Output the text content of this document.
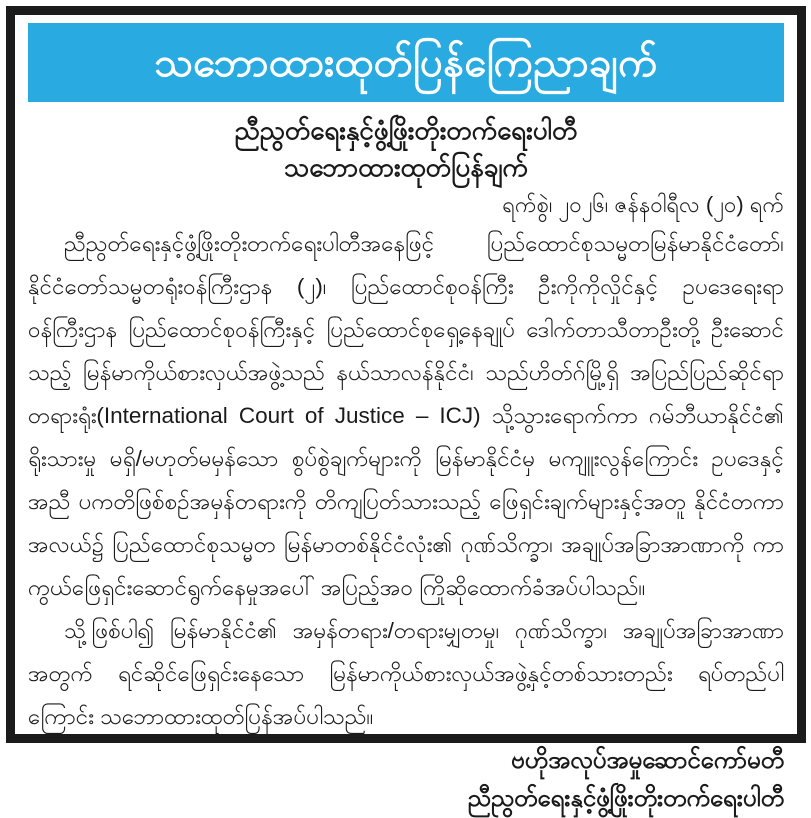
သဘောထားထုတ်ပြန်ကြေညာချက်
ညီညွတ်ရေးနှင့်ဖွံ့ဖြိုးတိုးတက်ရေးပါတီ
သဘောထားထုတ်ပြန်ချက်
ရက်စွဲ၊ ၂၀၂၆၊ ဇန်နဝါရီလ (၂၀) ရက်

ညီညွတ်ရေးနှင့်ဖွံ့ဖြိုးတိုးတက်ရေးပါတီအနေဖြင့် ပြည်ထောင်စုသမ္မတမြန်မာနိုင်ငံတော်၊ နိုင်ငံတော်သမ္မတရုံးဝန်ကြီးဌာန (၂)၊ ပြည်ထောင်စုဝန်ကြီး ဦးကိုကိုလှိုင်နှင့် ဥပဒေရေးရာဝန်ကြီးဌာန ပြည်ထောင်စုဝန်ကြီးနှင့် ပြည်ထောင်စုရှေ့နေချုပ် ဒေါက်တာသီတာဦးတို့ ဦးဆောင်သည့် မြန်မာကိုယ်စားလှယ်အဖွဲ့သည် နယ်သာလန်နိုင်ငံ၊ သည်ဟိတ်ဂ်မြို့ရှိ အပြည်ပြည်ဆိုင်ရာတရားရုံး(International Court of Justice – ICJ) သို့သွားရောက်ကာ ဂမ်ဘီယာနိုင်ငံ၏ ရိုးသားမှု မရှိ/မဟုတ်မမှန်သော စွပ်စွဲချက်များကို မြန်မာနိုင်ငံမှ မကျူးလွန်ကြောင်း ဥပဒေနှင့်အညီ ပကတိဖြစ်စဉ်အမှန်တရားကို တိကျပြတ်သားသည့် ဖြေရှင်းချက်များနှင့်အတူ နိုင်ငံတကာအလယ်၌ ပြည်ထောင်စုသမ္မတ မြန်မာတစ်နိုင်ငံလုံး၏ ဂုဏ်သိက္ခာ၊ အချုပ်အခြာအာဏာကို ကာကွယ်ဖြေရှင်းဆောင်ရွက်နေမှုအပေါ် အပြည့်အဝ ကြိုဆိုထောက်ခံအပ်ပါသည်။

သို့ဖြစ်ပါ၍ မြန်မာနိုင်ငံ၏ အမှန်တရား/တရားမျှတမှု၊ ဂုဏ်သိက္ခာ၊ အချုပ်အခြာအာဏာအတွက် ရင်ဆိုင်ဖြေရှင်းနေသော မြန်မာကိုယ်စားလှယ်အဖွဲ့နှင့်တစ်သားတည်း ရပ်တည်ပါကြောင်း သဘောထားထုတ်ပြန်အပ်ပါသည်။

ဗဟိုအလုပ်အမှုဆောင်ကော်မတီ
ညီညွတ်ရေးနှင့်ဖွံ့ဖြိုးတိုးတက်ရေးပါတီ
